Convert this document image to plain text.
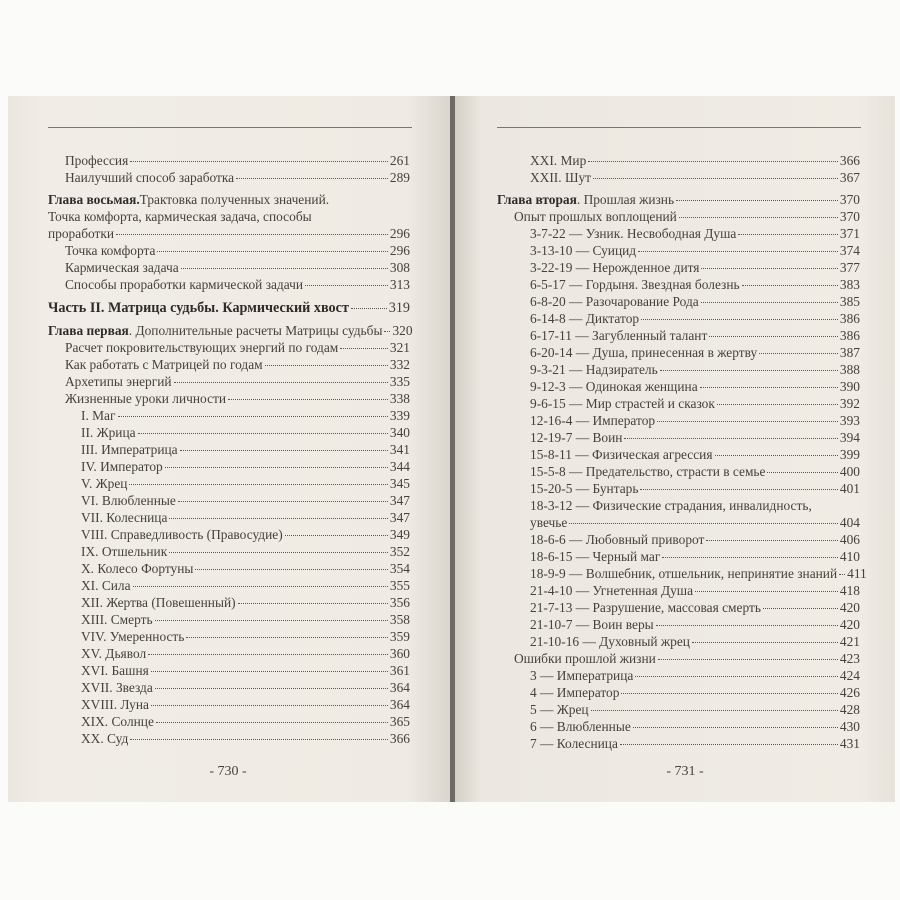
Профессия	261
Наилучший способ заработка	289
Глава восьмая. Трактовка полученных значений.
Точка комфорта, кармическая задача, способы
проработки	296
Точка комфорта	296
Кармическая задача	308
Способы проработки кармической задачи	313
Часть II. Матрица судьбы. Кармический хвост	319
Глава первая . Дополнительные расчеты Матрицы судьбы 320
Расчет покровительствующих энергий по годам	321
Как работать с Матрицей по годам	332
Архетипы энергий	335
Жизненные уроки личности	338
I. Маг	339
II. Жрица	340
III. Императрица	341
IV. Император	344
V. Жрец	345
VI. Влюбленные	347
VII. Колесница	347
VIII. Справедливость (Правосудие)	349
IX. Отшельник	352
X. Колесо Фортуны	354
XI. Сила	355
XII. Жертва (Повешенный)	356
XIII. Смерть	358
VIV. Умеренность	359
XV. Дьявол	360
XVI. Башня	361
XVII. Звезда	364
XVIII. Луна	364
XIX. Солнце	365
XX. Суд	366
- 730 -
XXI. Мир	366
XXII. Шут	367
Глава вторая . Прошлая жизнь	370
Опыт прошлых воплощений	370
3-7-22 — Узник. Несвободная Душа	371
3-13-10 — Суицид	374
3-22-19 — Нерожденное дитя	377
6-5-17 — Гордыня. Звездная болезнь	383
6-8-20 — Разочарование Рода	385
6-14-8 — Диктатор	386
6-17-11 — Загубленный талант	386
6-20-14 — Душа, принесенная в жертву	387
9-3-21 — Надзиратель	388
9-12-3 — Одинокая женщина	390
9-6-15 — Мир страстей и сказок	392
12-16-4 — Император	393
12-19-7 — Воин	394
15-8-11 — Физическая агрессия	399
15-5-8 — Предательство, страсти в семье	400
15-20-5 — Бунтарь	401
18-3-12 — Физические страдания, инвалидность,
увечье	404
18-6-6 — Любовный приворот	406
18-6-15 — Черный маг	410
18-9-9 — Волшебник, отшельник, непринятие знаний 411
21-4-10 — Угнетенная Душа	418
21-7-13 — Разрушение, массовая смерть	420
21-10-7 — Воин веры	420
21-10-16 — Духовный жрец	421
Ошибки прошлой жизни	423
3 — Императрица	424
4 — Император	426
5 — Жрец	428
6 — Влюбленные	430
7 — Колесница	431
- 731 -
